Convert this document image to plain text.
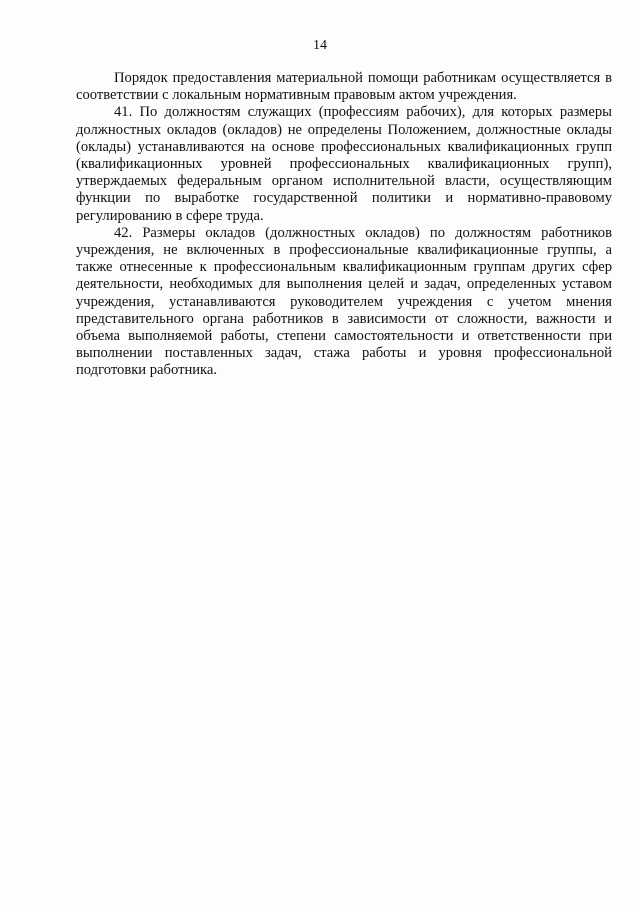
14

Порядок предоставления материальной помощи работникам осуществляется в соответствии с локальным нормативным правовым актом учреждения.

41. По должностям служащих (профессиям рабочих), для которых размеры должностных окладов (окладов) не определены Положением, должностные оклады (оклады) устанавливаются на основе профессиональных квалификационных групп (квалификационных уровней профессиональных квалификационных групп), утверждаемых федеральным органом исполнительной власти, осуществляющим функции по выработке государственной политики и нормативно-правовому регулированию в сфере труда.

42. Размеры окладов (должностных окладов) по должностям работников учреждения, не включенных в профессиональные квалификационные группы, а также отнесенные к профессиональным квалификационным группам других сфер деятельности, необходимых для выполнения целей и задач, определенных уставом учреждения, устанавливаются руководителем учреждения с учетом мнения представительного органа работников в зависимости от сложности, важности и объема выполняемой работы, степени самостоятельности и ответственности при выполнении поставленных задач, стажа работы и уровня профессиональной подготовки работника.
